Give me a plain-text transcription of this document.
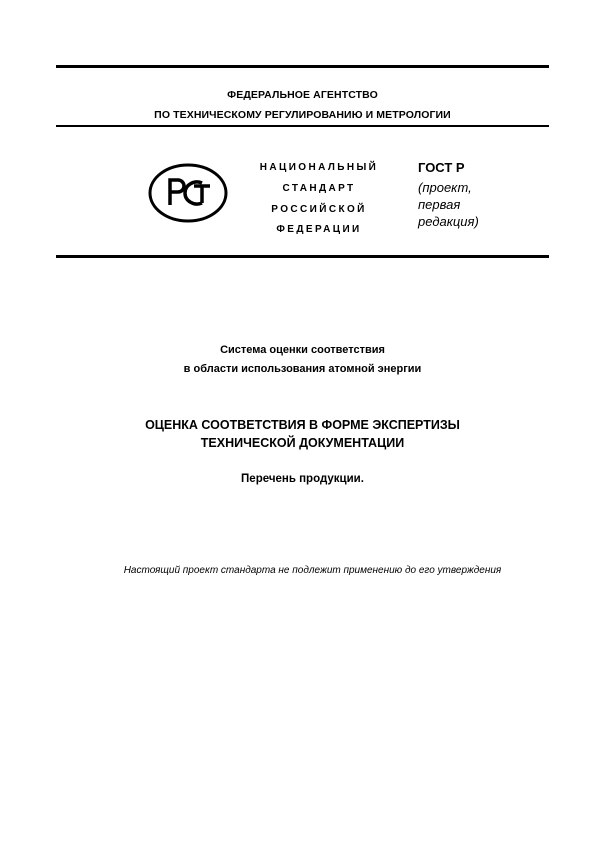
ФЕДЕРАЛЬНОЕ АГЕНТСТВО
ПО ТЕХНИЧЕСКОМУ РЕГУЛИРОВАНИЮ И МЕТРОЛОГИИ
НАЦИОНАЛЬНЫЙ
СТАНДАРТ
РОССИЙСКОЙ
ФЕДЕРАЦИИ
ГОСТ Р
(проект,
первая
редакция)
Система оценки соответствия
в области использования атомной энергии
ОЦЕНКА СООТВЕТСТВИЯ В ФОРМЕ ЭКСПЕРТИЗЫ
ТЕХНИЧЕСКОЙ ДОКУМЕНТАЦИИ
Перечень продукции.
Настоящий проект стандарта не подлежит применению до его утверждения
